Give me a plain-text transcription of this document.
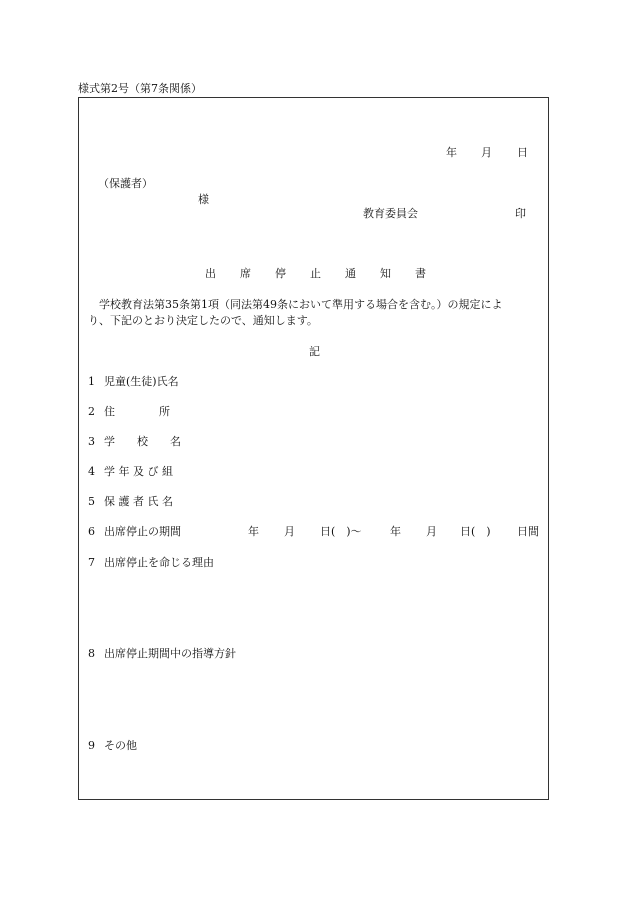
様式第2号（第7条関係）
年 月 日
（保護者）
様
教育委員会	印
出 席 停 止 通 知 書
学校教育法第35条第1項（同法第49条において準用する場合を含む。）の規定によ
り、下記のとおり決定したので、通知します。
記
1 児童(生徒)氏名
2 住　　　　所
3 学　　校　　名
4 学 年 及 び 組
5 保 護 者 氏 名
6 出席停止の期間	年 月 日(　)～	年 月 日(　) 日間
7 出席停止を命じる理由
8 出席停止期間中の指導方針
9 その他
